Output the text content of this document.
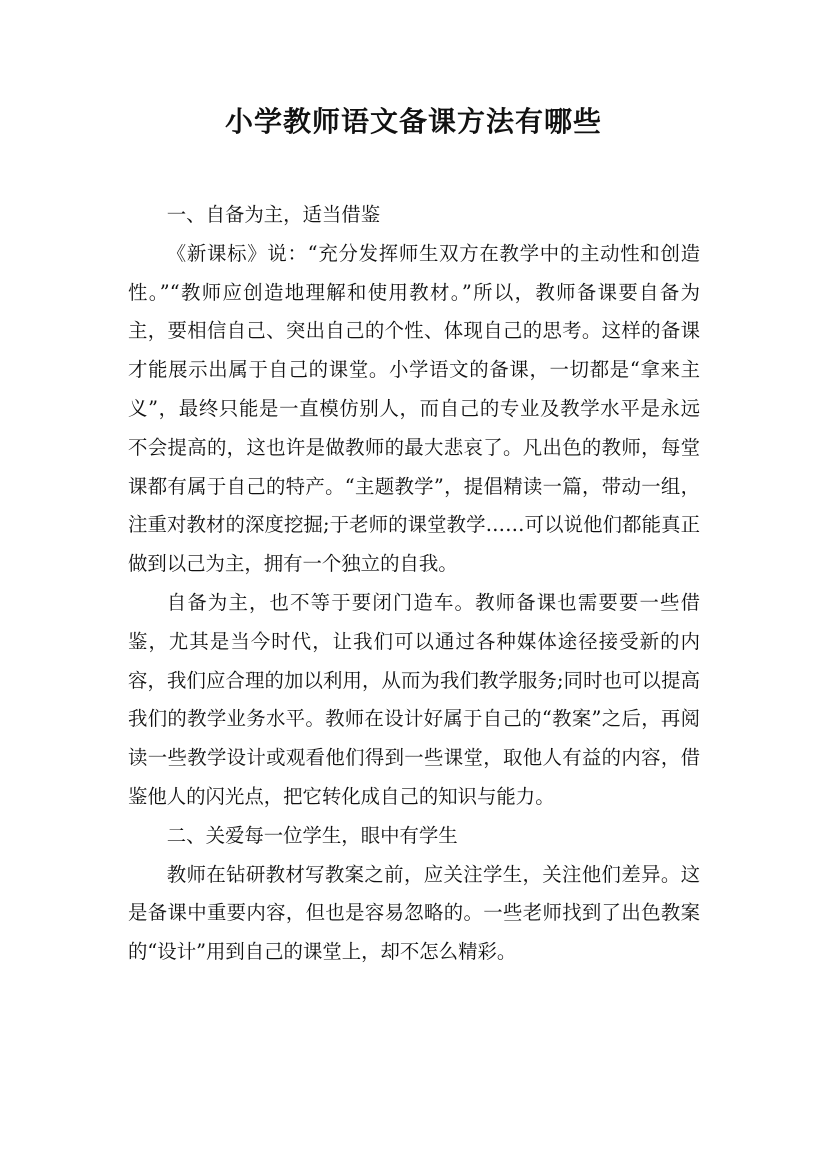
小学教师语文备课方法有哪些
一、自备为主，适当借鉴

《新课标》说：“充分发挥师生双方在教学中的主动性和创造性。”“教师应创造地理解和使用教材。”所以，教师备课要自备为主，要相信自己、突出自己的个性、体现自己的思考。这样的备课才能展示出属于自己的课堂。小学语文的备课，一切都是“拿来主义”，最终只能是一直模仿别人，而自己的专业及教学水平是永远不会提高的，这也许是做教师的最大悲哀了。凡出色的教师，每堂课都有属于自己的特产。“主题教学”，提倡精读一篇，带动一组，注重对教材的深度挖掘;于老师的课堂教学……可以说他们都能真正做到以己为主，拥有一个独立的自我。

自备为主，也不等于要闭门造车。教师备课也需要要一些借鉴，尤其是当今时代，让我们可以通过各种媒体途径接受新的内容，我们应合理的加以利用，从而为我们教学服务;同时也可以提高我们的教学业务水平。教师在设计好属于自己的“教案”之后，再阅读一些教学设计或观看他们得到一些课堂，取他人有益的内容，借鉴他人的闪光点，把它转化成自己的知识与能力。

二、关爱每一位学生，眼中有学生

教师在钻研教材写教案之前，应关注学生，关注他们差异。这是备课中重要内容，但也是容易忽略的。一些老师找到了出色教案的“设计”用到自己的课堂上，却不怎么精彩。
